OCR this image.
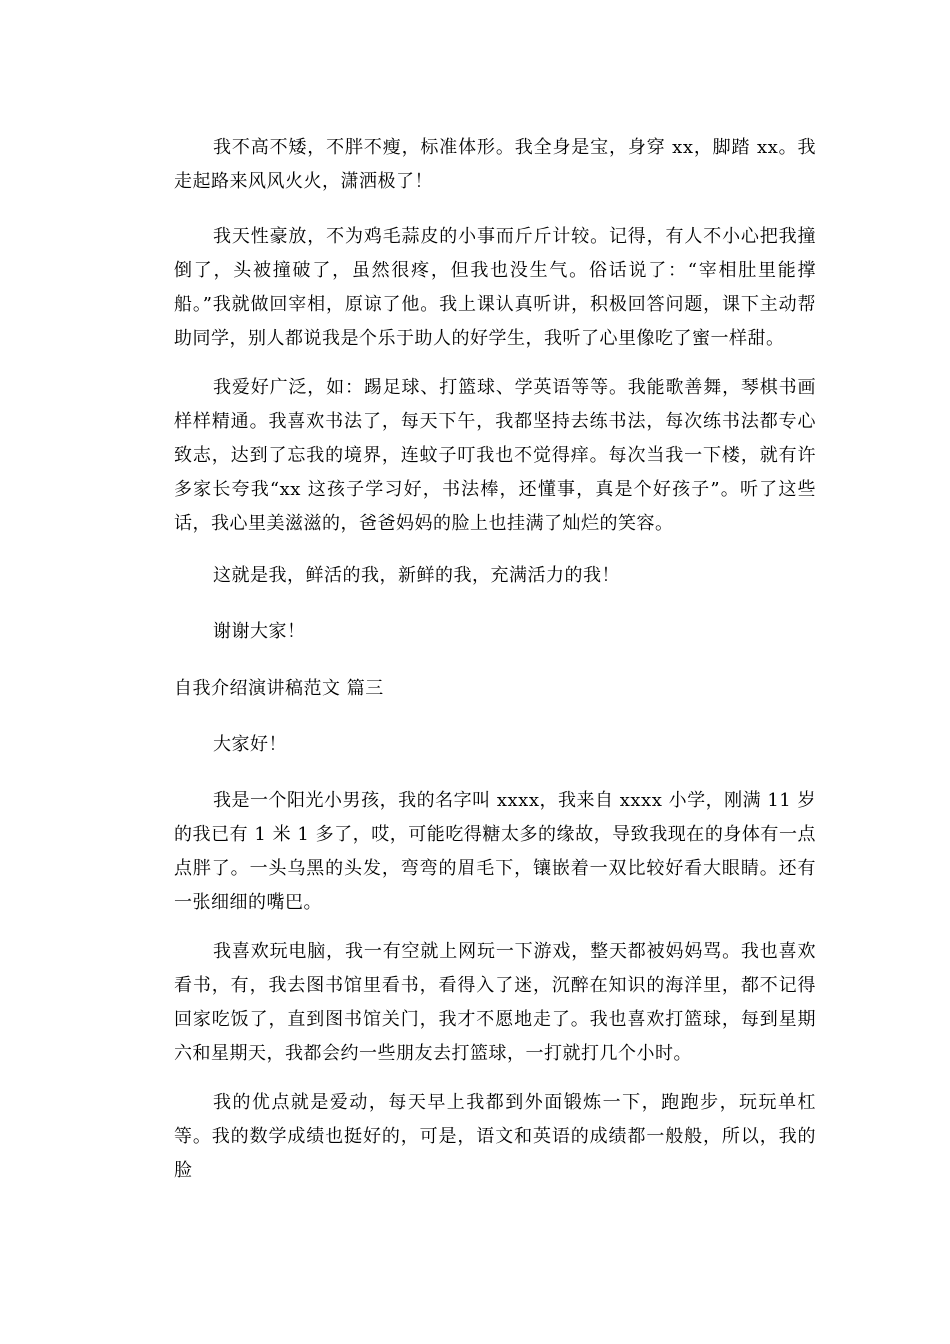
我不高不矮，不胖不瘦，标准体形。我全身是宝，身穿 xx，脚踏 xx。我走起路来风风火火，潇洒极了！

我天性豪放，不为鸡毛蒜皮的小事而斤斤计较。记得，有人不小心把我撞倒了，头被撞破了，虽然很疼，但我也没生气。俗话说了：“宰相肚里能撑船。”我就做回宰相，原谅了他。我上课认真听讲，积极回答问题，课下主动帮助同学，别人都说我是个乐于助人的好学生，我听了心里像吃了蜜一样甜。

我爱好广泛，如：踢足球、打篮球、学英语等等。我能歌善舞，琴棋书画样样精通。我喜欢书法了，每天下午，我都坚持去练书法，每次练书法都专心致志，达到了忘我的境界，连蚊子叮我也不觉得痒。每次当我一下楼，就有许多家长夸我“xx 这孩子学习好，书法棒，还懂事，真是个好孩子”。听了这些话，我心里美滋滋的，爸爸妈妈的脸上也挂满了灿烂的笑容。

这就是我，鲜活的我，新鲜的我，充满活力的我！

谢谢大家！

自我介绍演讲稿范文 篇三

大家好！

我是一个阳光小男孩，我的名字叫 xxxx，我来自 xxxx 小学，刚满 11 岁的我已有 1 米 1 多了，哎，可能吃得糖太多的缘故，导致我现在的身体有一点点胖了。一头乌黑的头发，弯弯的眉毛下，镶嵌着一双比较好看大眼睛。还有一张细细的嘴巴。

我喜欢玩电脑，我一有空就上网玩一下游戏，整天都被妈妈骂。我也喜欢看书，有，我去图书馆里看书，看得入了迷，沉醉在知识的海洋里，都不记得回家吃饭了，直到图书馆关门，我才不愿地走了。我也喜欢打篮球，每到星期六和星期天，我都会约一些朋友去打篮球，一打就打几个小时。

我的优点就是爱动，每天早上我都到外面锻炼一下，跑跑步，玩玩单杠等。我的数学成绩也挺好的，可是，语文和英语的成绩都一般般，所以，我的脸
